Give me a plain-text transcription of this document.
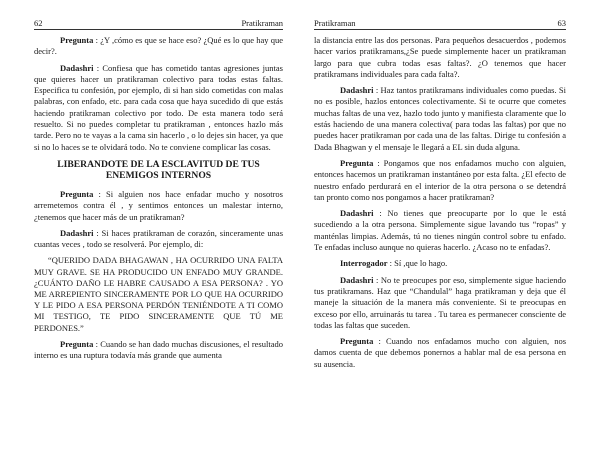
62	Pratikraman

Pregunta : ¿Y ,cómo es que se hace eso? ¿Qué es lo que hay que decir?.

Dadashri : Confiesa que has cometido tantas agresiones juntas que quieres hacer un pratikraman colectivo para todas estas faltas. Especifica tu confesión, por ejemplo, di si han sido cometidas con malas palabras, con enfado, etc. para cada cosa que haya sucedido di que estás haciendo pratikraman colectivo por todo. De esta manera todo será resuelto. Si no puedes completar tu pratikraman , entonces hazlo más tarde. Pero no te vayas a la cama sin hacerlo , o lo dejes sin hacer, ya que si no lo haces se te olvidará todo. No te conviene complicar las cosas.

LIBERANDOTE DE LA ESCLAVITUD DE TUS ENEMIGOS INTERNOS

Pregunta : Si alguien nos hace enfadar mucho y nosotros arremetemos contra él , y sentimos entonces un malestar interno, ¿tenemos que hacer más de un pratikraman?

Dadashri : Si haces pratikraman de corazón, sinceramente unas cuantas veces , todo se resolverá. Por ejemplo, di:

“QUERIDO DADA BHAGAWAN , HA OCURRIDO UNA FALTA MUY GRAVE. SE HA PRODUCIDO UN ENFADO MUY GRANDE. ¿CUÁNTO DAÑO LE HABRE CAUSADO A ESA PERSONA? . YO ME ARREPIENTO SINCERAMENTE POR LO QUE HA OCURRIDO Y LE PIDO A ESA PERSONA PERDÓN TENIÉNDOTE A TI COMO MI TESTIGO, TE PIDO SINCERAMENTE QUE TÚ ME PERDONES.”

Pregunta : Cuando se han dado muchas discusiones, el resultado interno es una ruptura todavía más grande que aumenta

Pratikraman	63

la distancia entre las dos personas. Para pequeños desacuerdos , podemos hacer varios pratikramans,¿Se puede simplemente hacer un pratikraman largo para que cubra todas esas faltas?. ¿O tenemos que hacer pratikramans individuales para cada falta?.

Dadashri : Haz tantos pratikramans individuales como puedas. Si no es posible, hazlos entonces colectivamente. Si te ocurre que cometes muchas faltas de una vez, hazlo todo junto y manifiesta claramente que lo estás haciendo de una manera colectiva( para todas las faltas) por que no puedes hacer pratikraman por cada una de las faltas. Dirige tu confesión a Dada Bhagwan y el mensaje le llegará a EL sin duda alguna.

Pregunta : Pongamos que nos enfadamos mucho con alguien, entonces hacemos un pratikraman instantáneo por esta falta. ¿El efecto de nuestro enfado perdurará en el interior de la otra persona o se detendrá tan pronto como nos pongamos a hacer pratikraman?

Dadashri : No tienes que preocuparte por lo que le está sucediendo a la otra persona. Simplemente sigue lavando tus “ropas” y manténlas limpias. Además, tú no tienes ningún control sobre tu enfado. Te enfadas incluso aunque no quieras hacerlo. ¿Acaso no te enfadas?.

Interrogador : Sí ,que lo hago.

Dadashri : No te preocupes por eso, simplemente sigue haciendo tus pratikramans. Haz que “Chandulal” haga pratikraman y deja que él maneje la situación de la manera más conveniente. Si te preocupas en exceso por ello, arruinarás tu tarea . Tu tarea es permanecer consciente de todas las faltas que suceden.

Pregunta : Cuando nos enfadamos mucho con alguien, nos damos cuenta de que debemos ponernos a hablar mal de esa persona en su ausencia.
